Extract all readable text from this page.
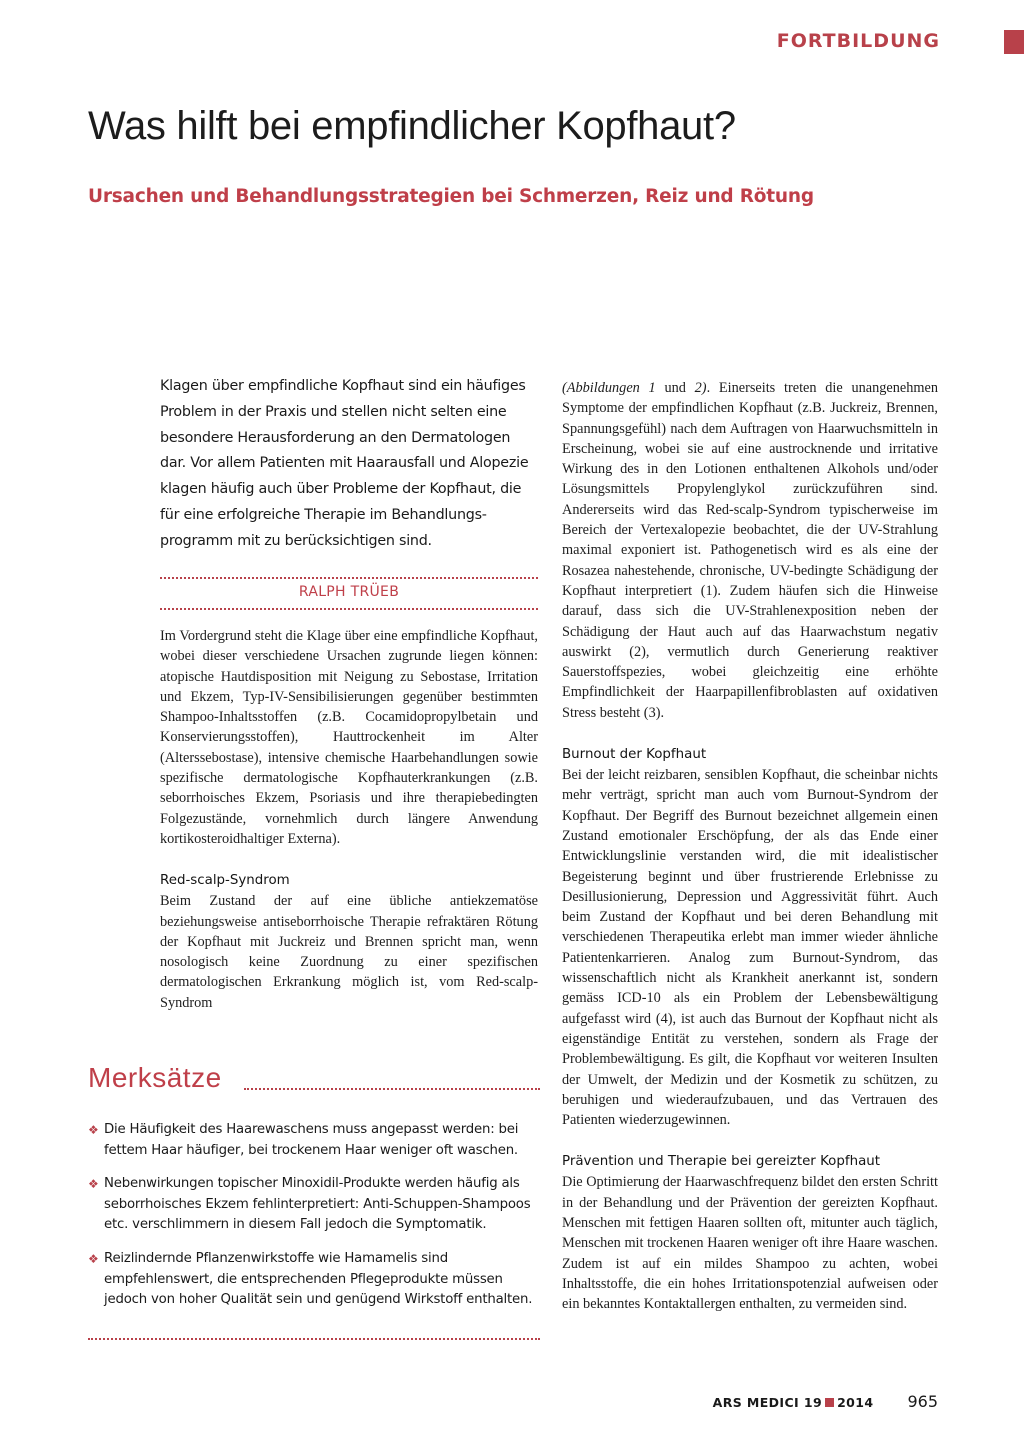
FORTBILDUNG
Was hilft bei empfindlicher Kopfhaut?
Ursachen und Behandlungsstrategien bei Schmerzen, Reiz und Rötung

Klagen über empfindliche Kopfhaut sind ein häufiges Problem in der Praxis und stellen nicht selten eine besondere Herausforderung an den Dermatologen dar. Vor allem Patienten mit Haarausfall und Alopezie klagen häufig auch über Probleme der Kopfhaut, die für eine erfolgreiche Therapie im Behandlungs-programm mit zu berücksichtigen sind.

RALPH TRÜEB

Im Vordergrund steht die Klage über eine empfindliche Kopfhaut, wobei dieser verschiedene Ursachen zugrunde liegen können: atopische Hautdisposition mit Neigung zu Sebostase, Irritation und Ekzem, Typ-IV-Sensibilisierungen gegenüber bestimmten Shampoo-Inhaltsstoffen (z.B. Cocamidopropylbetain und Konservierungsstoffen), Hauttrockenheit im Alter (Alterssebostase), intensive chemische Haarbehandlungen sowie spezifische dermatologische Kopfhauterkrankungen (z.B. seborrhoisches Ekzem, Psoriasis und ihre therapiebedingten Folgezustände, vornehmlich durch längere Anwendung kortikosteroidhaltiger Externa).

Red-scalp-Syndrom

Beim Zustand der auf eine übliche antiekzematöse beziehungsweise antiseborrhoische Therapie refraktären Rötung der Kopfhaut mit Juckreiz und Brennen spricht man, wenn nosologisch keine Zuordnung zu einer spezifischen dermatologischen Erkrankung möglich ist, vom Red-scalp-Syndrom

(Abbildungen 1 und 2). Einerseits treten die unangenehmen Symptome der empfindlichen Kopfhaut (z.B. Juckreiz, Brennen, Spannungsgefühl) nach dem Auftragen von Haarwuchsmitteln in Erscheinung, wobei sie auf eine austrocknende und irritative Wirkung des in den Lotionen enthaltenen Alkohols und/oder Lösungsmittels Propylenglykol zurückzuführen sind. Andererseits wird das Red-scalp-Syndrom typischerweise im Bereich der Vertexalopezie beobachtet, die der UV-Strahlung maximal exponiert ist. Pathogenetisch wird es als eine der Rosazea nahestehende, chronische, UV-bedingte Schädigung der Kopfhaut interpretiert (1). Zudem häufen sich die Hinweise darauf, dass sich die UV-Strahlenexposition neben der Schädigung der Haut auch auf das Haarwachstum negativ auswirkt (2), vermutlich durch Generierung reaktiver Sauerstoffspezies, wobei gleichzeitig eine erhöhte Empfindlichkeit der Haarpapillenfibroblasten auf oxidativen Stress besteht (3).

Burnout der Kopfhaut

Bei der leicht reizbaren, sensiblen Kopfhaut, die scheinbar nichts mehr verträgt, spricht man auch vom Burnout-Syndrom der Kopfhaut. Der Begriff des Burnout bezeichnet allgemein einen Zustand emotionaler Erschöpfung, der als das Ende einer Entwicklungslinie verstanden wird, die mit idealistischer Begeisterung beginnt und über frustrierende Erlebnisse zu Desillusionierung, Depression und Aggressivität führt. Auch beim Zustand der Kopfhaut und bei deren Behandlung mit verschiedenen Therapeutika erlebt man immer wieder ähnliche Patientenkarrieren. Analog zum Burnout-Syndrom, das wissenschaftlich nicht als Krankheit anerkannt ist, sondern gemäss ICD-10 als ein Problem der Lebensbewältigung aufgefasst wird (4), ist auch das Burnout der Kopfhaut nicht als eigenständige Entität zu verstehen, sondern als Frage der Problembewältigung. Es gilt, die Kopfhaut vor weiteren Insulten der Umwelt, der Medizin und der Kosmetik zu schützen, zu beruhigen und wiederaufzubauen, und das Vertrauen des Patienten wiederzugewinnen.

Prävention und Therapie bei gereizter Kopfhaut

Die Optimierung der Haarwaschfrequenz bildet den ersten Schritt in der Behandlung und der Prävention der gereizten Kopfhaut. Menschen mit fettigen Haaren sollten oft, mitunter auch täglich, Menschen mit trockenen Haaren weniger oft ihre Haare waschen. Zudem ist auf ein mildes Shampoo zu achten, wobei Inhaltsstoffe, die ein hohes Irritationspotenzial aufweisen oder ein bekanntes Kontaktallergen enthalten, zu vermeiden sind.

Merksätze
❖ Die Häufigkeit des Haarewaschens muss angepasst werden: bei fettem Haar häufiger, bei trockenem Haar weniger oft waschen.
❖ Nebenwirkungen topischer Minoxidil-Produkte werden häufig als seborrhoisches Ekzem fehlinterpretiert: Anti-Schuppen-Shampoos etc. verschlimmern in diesem Fall jedoch die Symptomatik.
❖ Reizlindernde Pflanzenwirkstoffe wie Hamamelis sind empfehlenswert, die entsprechenden Pflegeprodukte müssen jedoch von hoher Qualität sein und genügend Wirkstoff enthalten.
ARS MEDICI 19 2014 965
